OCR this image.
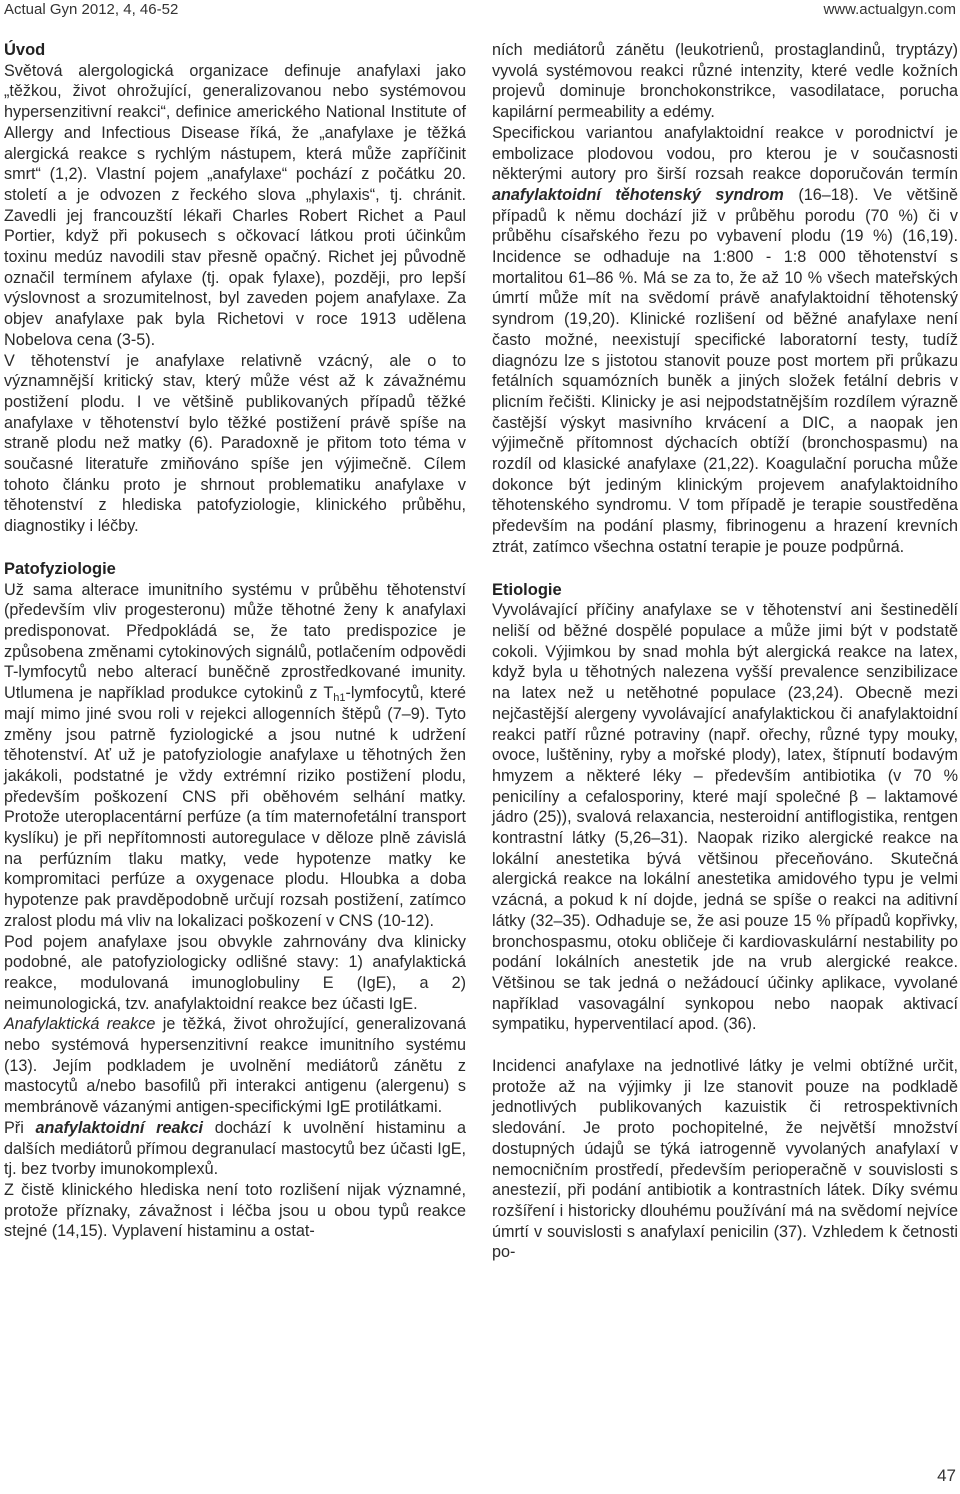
Actual Gyn 2012, 4, 46-52	www.actualgyn.com
Úvod

Světová alergologická organizace definuje anafylaxi jako „těžkou, život ohrožující, generalizovanou nebo systémovou hypersenzitivní reakci“, definice amerického National Institute of Allergy and Infectious Disease říká, že „anafylaxe je těžká alergická reakce s rychlým nástupem, která může zapříčinit smrt“ (1,2). Vlastní pojem „anafylaxe“ pochází z počátku 20. století a je odvozen z řeckého slova „phylaxis“, tj. chránit. Zavedli jej francouzští lékaři Charles Robert Richet a Paul Portier, když při pokusech s očkovací látkou proti účinkům toxinu medúz navodili stav přesně opačný. Richet jej původně označil termínem afylaxe (tj. opak fylaxe), později, pro lepší výslovnost a srozumitelnost, byl zaveden pojem anafylaxe. Za objev anafylaxe pak byla Richetovi v roce 1913 udělena Nobelova cena (3-5).

V těhotenství je anafylaxe relativně vzácný, ale o to významnější kritický stav, který může vést až k závažnému postižení plodu. I ve většině publikovaných případů těžké anafylaxe v těhotenství bylo těžké postižení právě spíše na straně plodu než matky (6). Paradoxně je přitom toto téma v současné literatuře zmiňováno spíše jen výjimečně. Cílem tohoto článku proto je shrnout problematiku anafylaxe v těhotenství z hlediska patofyziologie, klinického průběhu, diagnostiky i léčby.

Patofyziologie

Už sama alterace imunitního systému v průběhu těhotenství (především vliv progesteronu) může těhotné ženy k anafylaxi predisponovat. Předpokládá se, že tato predispozice je způsobena změnami cytokinových signálů, potlačením odpovědi T-lymfocytů nebo alterací buněčně zprostředkované imunity. Utlumena je například produkce cytokinů z $T_{h1}$-lymfocytů, které mají mimo jiné svou roli v rejekci allogenních štěpů (7–9). Tyto změny jsou patrně fyziologické a jsou nutné k udržení těhotenství. Ať už je patofyziologie anafylaxe u těhotných žen jakákoli, podstatné je vždy extrémní riziko postižení plodu, především poškození CNS při oběhovém selhání matky. Protože uteroplacentární perfúze (a tím maternofetální transport kyslíku) je při nepřítomnosti autoregulace v děloze plně závislá na perfúzním tlaku matky, vede hypotenze matky ke kompromitaci perfúze a oxygenace plodu. Hloubka a doba hypotenze pak pravděpodobně určují rozsah postižení, zatímco zralost plodu má vliv na lokalizaci poškození v CNS (10-12).

Pod pojem anafylaxe jsou obvykle zahrnovány dva klinicky podobné, ale patofyziologicky odlišné stavy: 1) anafylaktická reakce, modulovaná imunoglobuliny E (IgE), a 2) neimunologická, tzv. anafylaktoidní reakce bez účasti IgE.

Anafylaktická reakce je těžká, život ohrožující, generalizovaná nebo systémová hypersenzitivní reakce imunitního systému (13). Jejím podkladem je uvolnění mediátorů zánětu z mastocytů a/nebo basofilů při interakci antigenu (alergenu) s membránově vázanými antigen-specifickými IgE protilátkami.

Při anafylaktoidní reakci dochází k uvolnění histaminu a dalších mediátorů přímou degranulací mastocytů bez účasti IgE, tj. bez tvorby imunokomplexů.

Z čistě klinického hlediska není toto rozlišení nijak významné, protože příznaky, závažnost i léčba jsou u obou typů reakce stejné (14,15). Vyplavení histaminu a ostat-

ních mediátorů zánětu (leukotrienů, prostaglandinů, tryptázy) vyvolá systémovou reakci různé intenzity, které vedle kožních projevů dominuje bronchokonstrikce, vasodilatace, porucha kapilární permeability a edémy.

Specifickou variantou anafylaktoidní reakce v porodnictví je embolizace plodovou vodou, pro kterou je v současnosti některými autory pro širší rozsah reakce doporučován termín anafylaktoidní těhotenský syndrom (16–18). Ve většině případů k němu dochází již v průběhu porodu (70 %) či v průběhu císařského řezu po vybavení plodu (19 %) (16,19). Incidence se odhaduje na 1:800 - 1:8 000 těhotenství s mortalitou 61–86 %. Má se za to, že až 10 % všech mateřských úmrtí může mít na svědomí právě anafylaktoidní těhotenský syndrom (19,20). Klinické rozlišení od běžné anafylaxe není často možné, neexistují specifické laboratorní testy, tudíž diagnózu lze s jistotou stanovit pouze post mortem při průkazu fetálních squamózních buněk a jiných složek fetální debris v plicním řečišti. Klinicky je asi nejpodstatnějším rozdílem výrazně častější výskyt masivního krvácení a DIC, a naopak jen výjimečně přítomnost dýchacích obtíží (bronchospasmu) na rozdíl od klasické anafylaxe (21,22). Koagulační porucha může dokonce být jediným klinickým projevem anafylaktoidního těhotenského syndromu. V tom případě je terapie soustředěna především na podání plasmy, fibrinogenu a hrazení krevních ztrát, zatímco všechna ostatní terapie je pouze podpůrná.

Etiologie

Vyvolávající příčiny anafylaxe se v těhotenství ani šestinedělí neliší od běžné dospělé populace a může jimi být v podstatě cokoli. Výjimkou by snad mohla být alergická reakce na latex, když byla u těhotných nalezena vyšší prevalence senzibilizace na latex než u netěhotné populace (23,24). Obecně mezi nejčastější alergeny vyvolávající anafylaktickou či anafylaktoidní reakci patří různé potraviny (např. ořechy, různé typy mouky, ovoce, luštěniny, ryby a mořské plody), latex, štípnutí bodavým hmyzem a některé léky – především antibiotika (v 70 % penicilíny a cefalosporiny, které mají společné β – laktamové jádro (25)), svalová relaxancia, nesteroidní antiflogistika, rentgen kontrastní látky (5,26–31). Naopak riziko alergické reakce na lokální anestetika bývá většinou přeceňováno. Skutečná alergická reakce na lokální anestetika amidového typu je velmi vzácná, a pokud k ní dojde, jedná se spíše o reakci na aditivní látky (32–35). Odhaduje se, že asi pouze 15 % případů kopřivky, bronchospasmu, otoku obličeje či kardiovaskulární nestability po podání lokálních anestetik jde na vrub alergické reakce. Většinou se tak jedná o nežádoucí účinky aplikace, vyvolané například vasovagální synkopou nebo naopak aktivací sympatiku, hyperventilací apod. (36).

Incidenci anafylaxe na jednotlivé látky je velmi obtížné určit, protože až na výjimky ji lze stanovit pouze na podkladě jednotlivých publikovaných kazuistik či retrospektivních sledování. Je proto pochopitelné, že největší množství dostupných údajů se týká iatrogenně vyvolaných anafylaxí v nemocničním prostředí, především perioperačně v souvislosti s anestezií, při podání antibiotik a kontrastních látek. Díky svému rozšíření i historicky dlouhému používání má na svědomí nejvíce úmrtí v souvislosti s anafylaxí penicilin (37). Vzhledem k četnosti po-

47
